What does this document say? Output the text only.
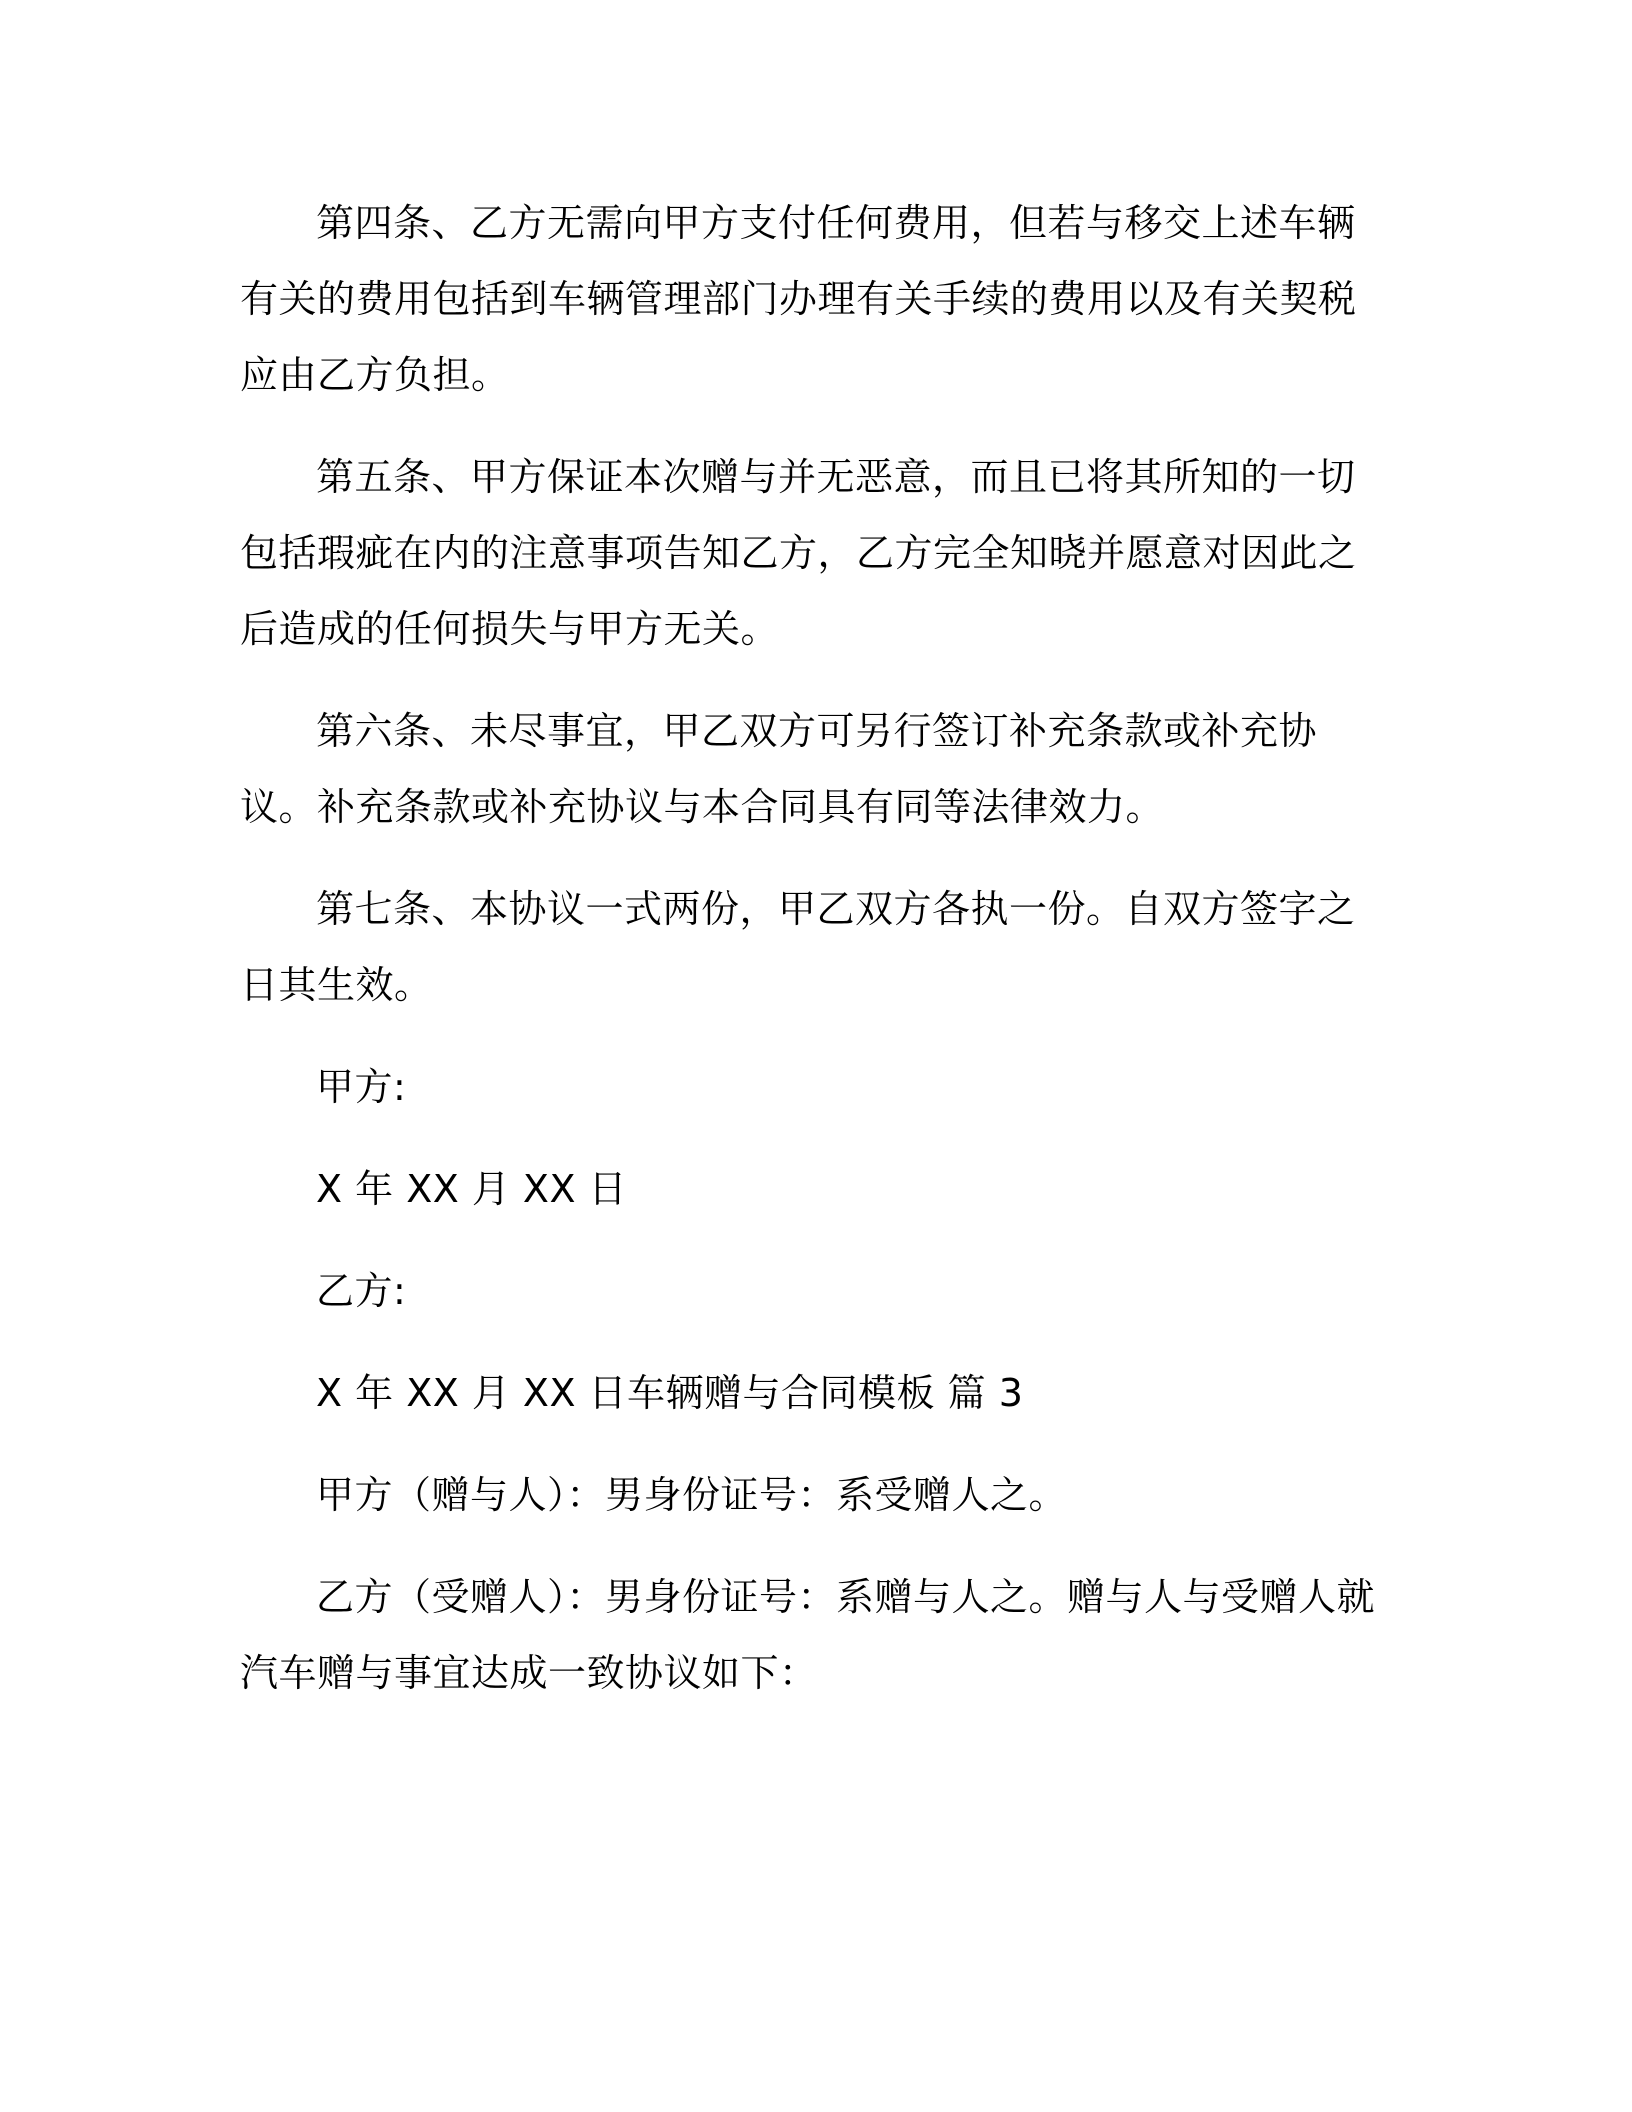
第四条、乙方无需向甲方支付任何费用，但若与移交上述车辆有关的费用包括到车辆管理部门办理有关手续的费用以及有关契税应由乙方负担。

第五条、甲方保证本次赠与并无恶意，而且已将其所知的一切包括瑕疵在内的注意事项告知乙方，乙方完全知晓并愿意对因此之后造成的任何损失与甲方无关。

第六条、未尽事宜，甲乙双方可另行签订补充条款或补充协议。补充条款或补充协议与本合同具有同等法律效力。

第七条、本协议一式两份，甲乙双方各执一份。自双方签字之日其生效。

甲方:

X 年 XX 月 XX 日

乙方:

X 年 XX 月 XX 日车辆赠与合同模板 篇 3

甲方（赠与人）：男身份证号：系受赠人之。

乙方（受赠人）：男身份证号：系赠与人之。赠与人与受赠人就汽车赠与事宜达成一致协议如下：
